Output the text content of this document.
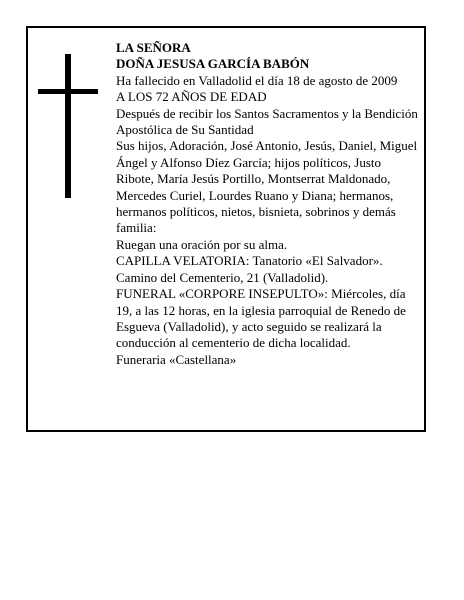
LA SEÑORA

DOÑA JESUSA GARCÍA BABÓN

Ha fallecido en Valladolid el día 18 de agosto de 2009

A LOS 72 AÑOS DE EDAD

Después de recibir los Santos Sacramentos y la Bendición Apostólica de Su Santidad

Sus hijos, Adoración, José Antonio, Jesús, Daniel, Miguel Ángel y Alfonso Díez García; hijos políticos, Justo Ribote, María Jesús Portillo, Montserrat Maldonado, Mercedes Curiel, Lourdes Ruano y Diana; hermanos, hermanos políticos, nietos, bisnieta, sobrinos y demás familia:

Ruegan una oración por su alma.

CAPILLA VELATORIA: Tanatorio «El Salvador». Camino del Cementerio, 21 (Valladolid).

FUNERAL «CORPORE INSEPULTO»: Miércoles, día 19, a las 12 horas, en la iglesia parroquial de Renedo de Esgueva (Valladolid), y acto seguido se realizará la conducción al cementerio de dicha localidad.

Funeraria «Castellana»
